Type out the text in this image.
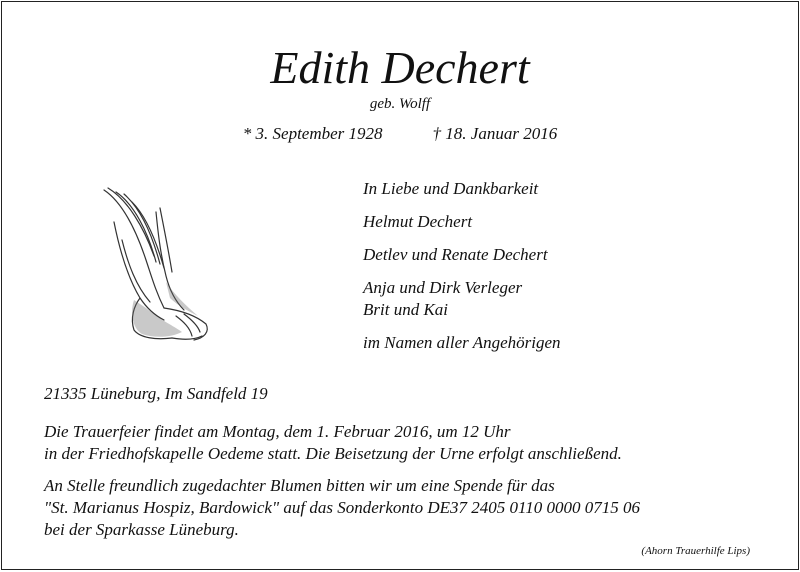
Edith Dechert
geb. Wolff
* 3. September 1928	† 18. Januar 2016
In Liebe und Dankbarkeit
Helmut Dechert
Detlev und Renate Dechert
Anja und Dirk Verleger
Brit und Kai
im Namen aller Angehörigen
21335 Lüneburg, Im Sandfeld 19
Die Trauerfeier findet am Montag, dem 1. Februar 2016, um 12 Uhr
in der Friedhofskapelle Oedeme statt. Die Beisetzung der Urne erfolgt anschließend.
An Stelle freundlich zugedachter Blumen bitten wir um eine Spende für das
"St. Marianus Hospiz, Bardowick" auf das Sonderkonto DE37 2405 0110 0000 0715 06
bei der Sparkasse Lüneburg.
(Ahorn Trauerhilfe Lips)
